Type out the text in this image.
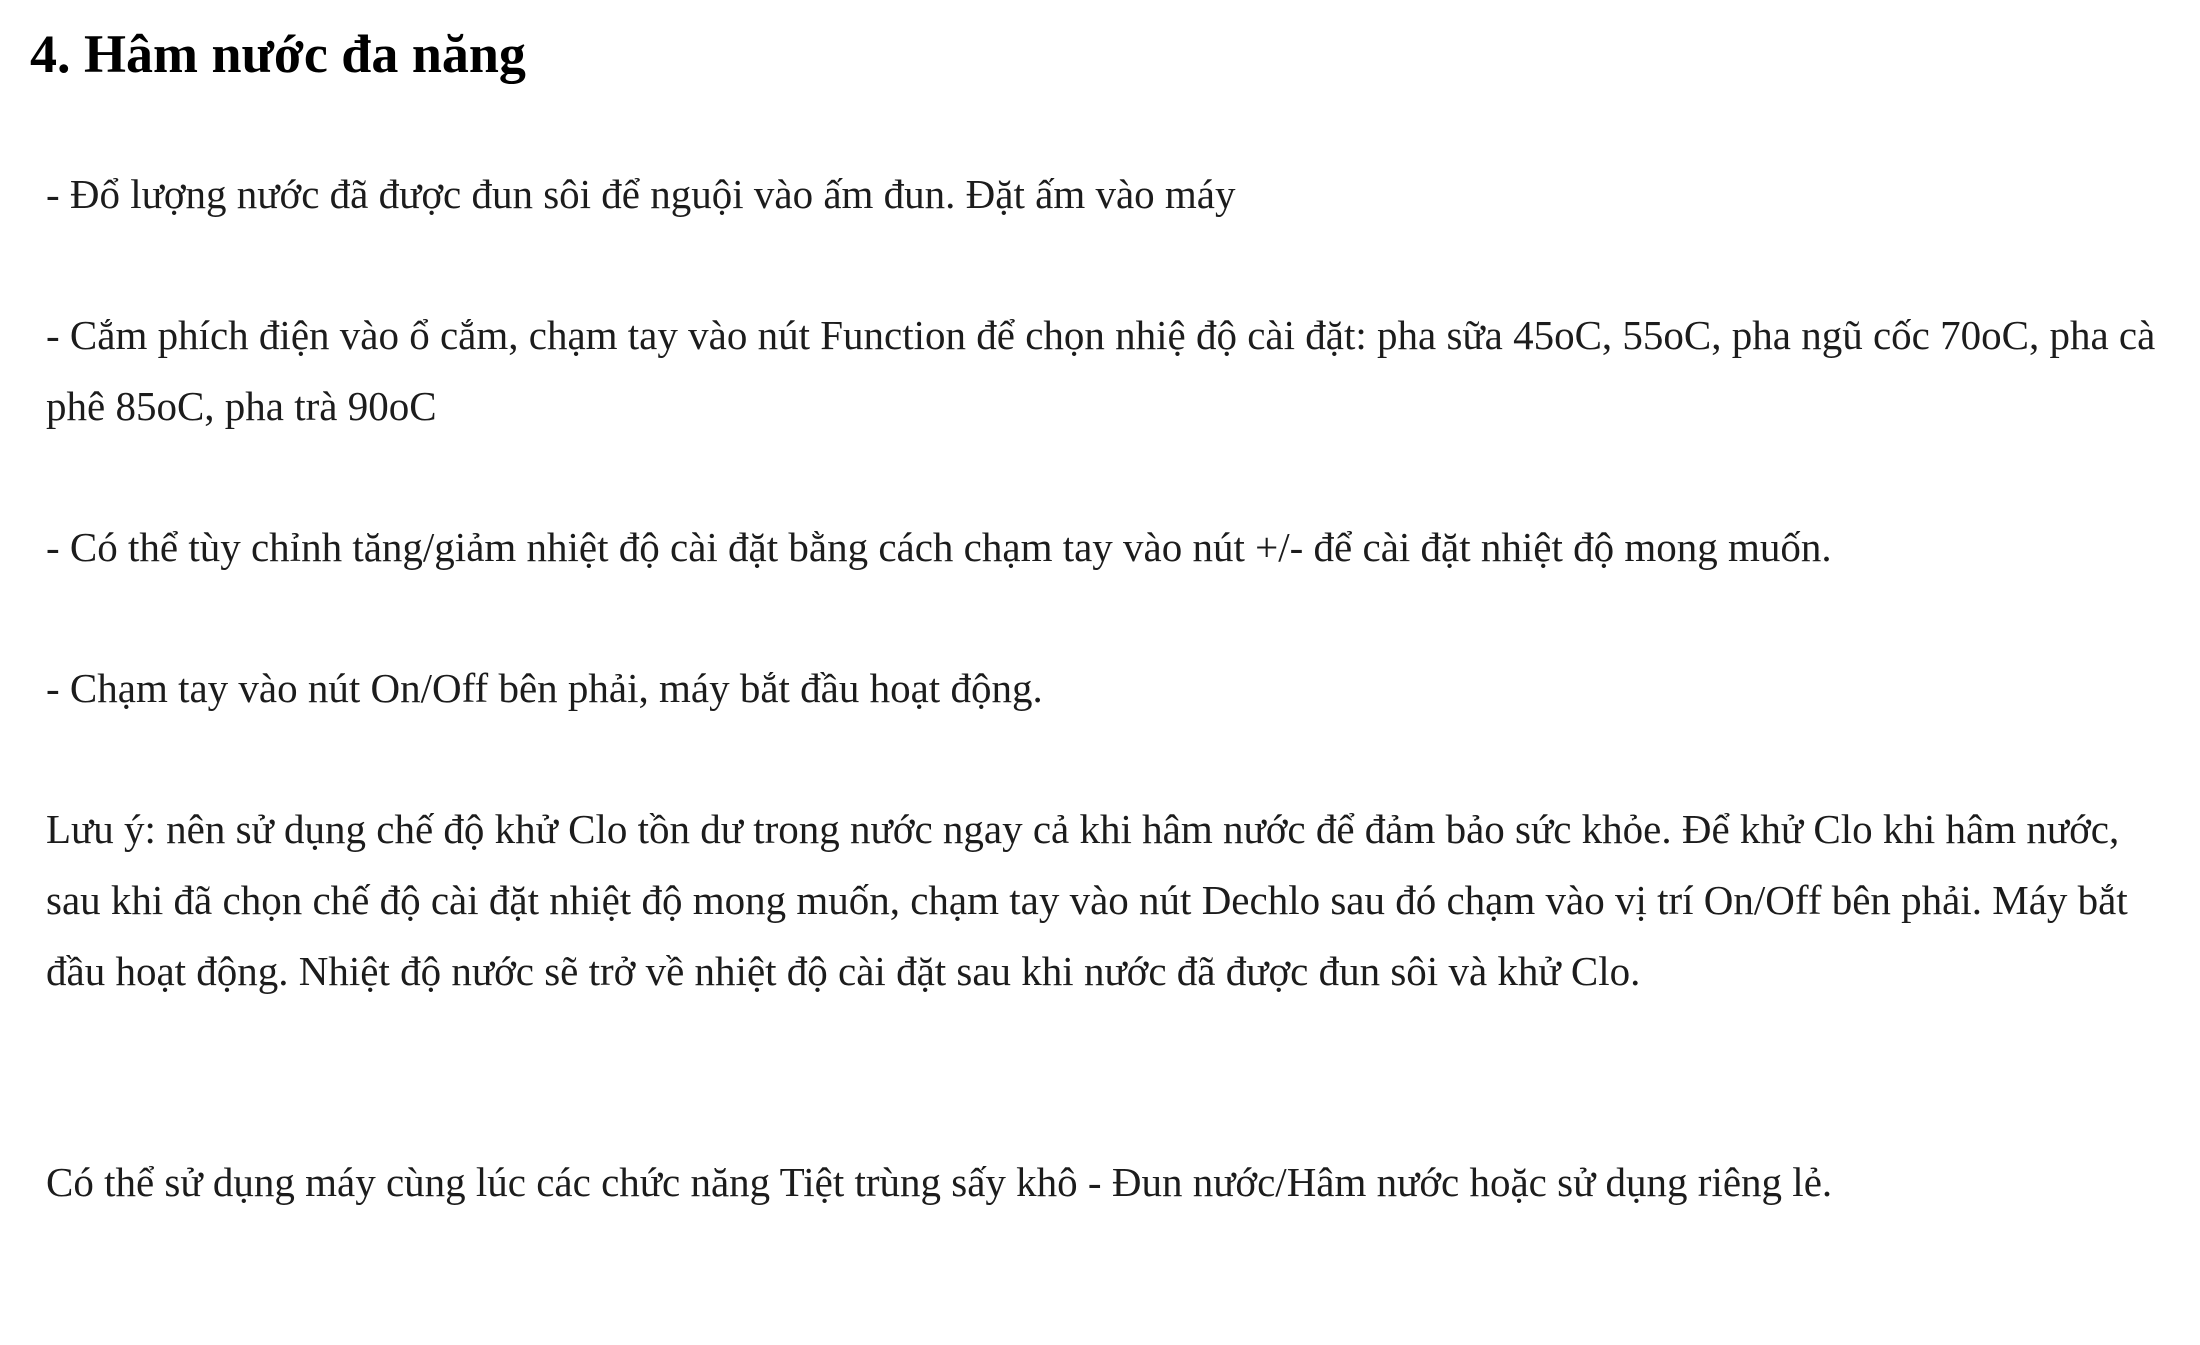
4. Hâm nước đa năng

- Đổ lượng nước đã được đun sôi để nguội vào ấm đun. Đặt ấm vào máy

- Cắm phích điện vào ổ cắm, chạm tay vào nút Function để chọn nhiệ độ cài đặt: pha sữa 45oC, 55oC, pha ngũ cốc 70oC, pha cà phê 85oC, pha trà 90oC

- Có thể tùy chỉnh tăng/giảm nhiệt độ cài đặt bằng cách chạm tay vào nút +/- để cài đặt nhiệt độ mong muốn.

- Chạm tay vào nút On/Off bên phải, máy bắt đầu hoạt động.

Lưu ý: nên sử dụng chế độ khử Clo tồn dư trong nước ngay cả khi hâm nước để đảm bảo sức khỏe. Để khử Clo khi hâm nước, sau khi đã chọn chế độ cài đặt nhiệt độ mong muốn, chạm tay vào nút Dechlo sau đó chạm vào vị trí On/Off bên phải. Máy bắt đầu hoạt động. Nhiệt độ nước sẽ trở về nhiệt độ cài đặt sau khi nước đã được đun sôi và khử Clo.

Có thể sử dụng máy cùng lúc các chức năng Tiệt trùng sấy khô - Đun nước/Hâm nước hoặc sử dụng riêng lẻ.
